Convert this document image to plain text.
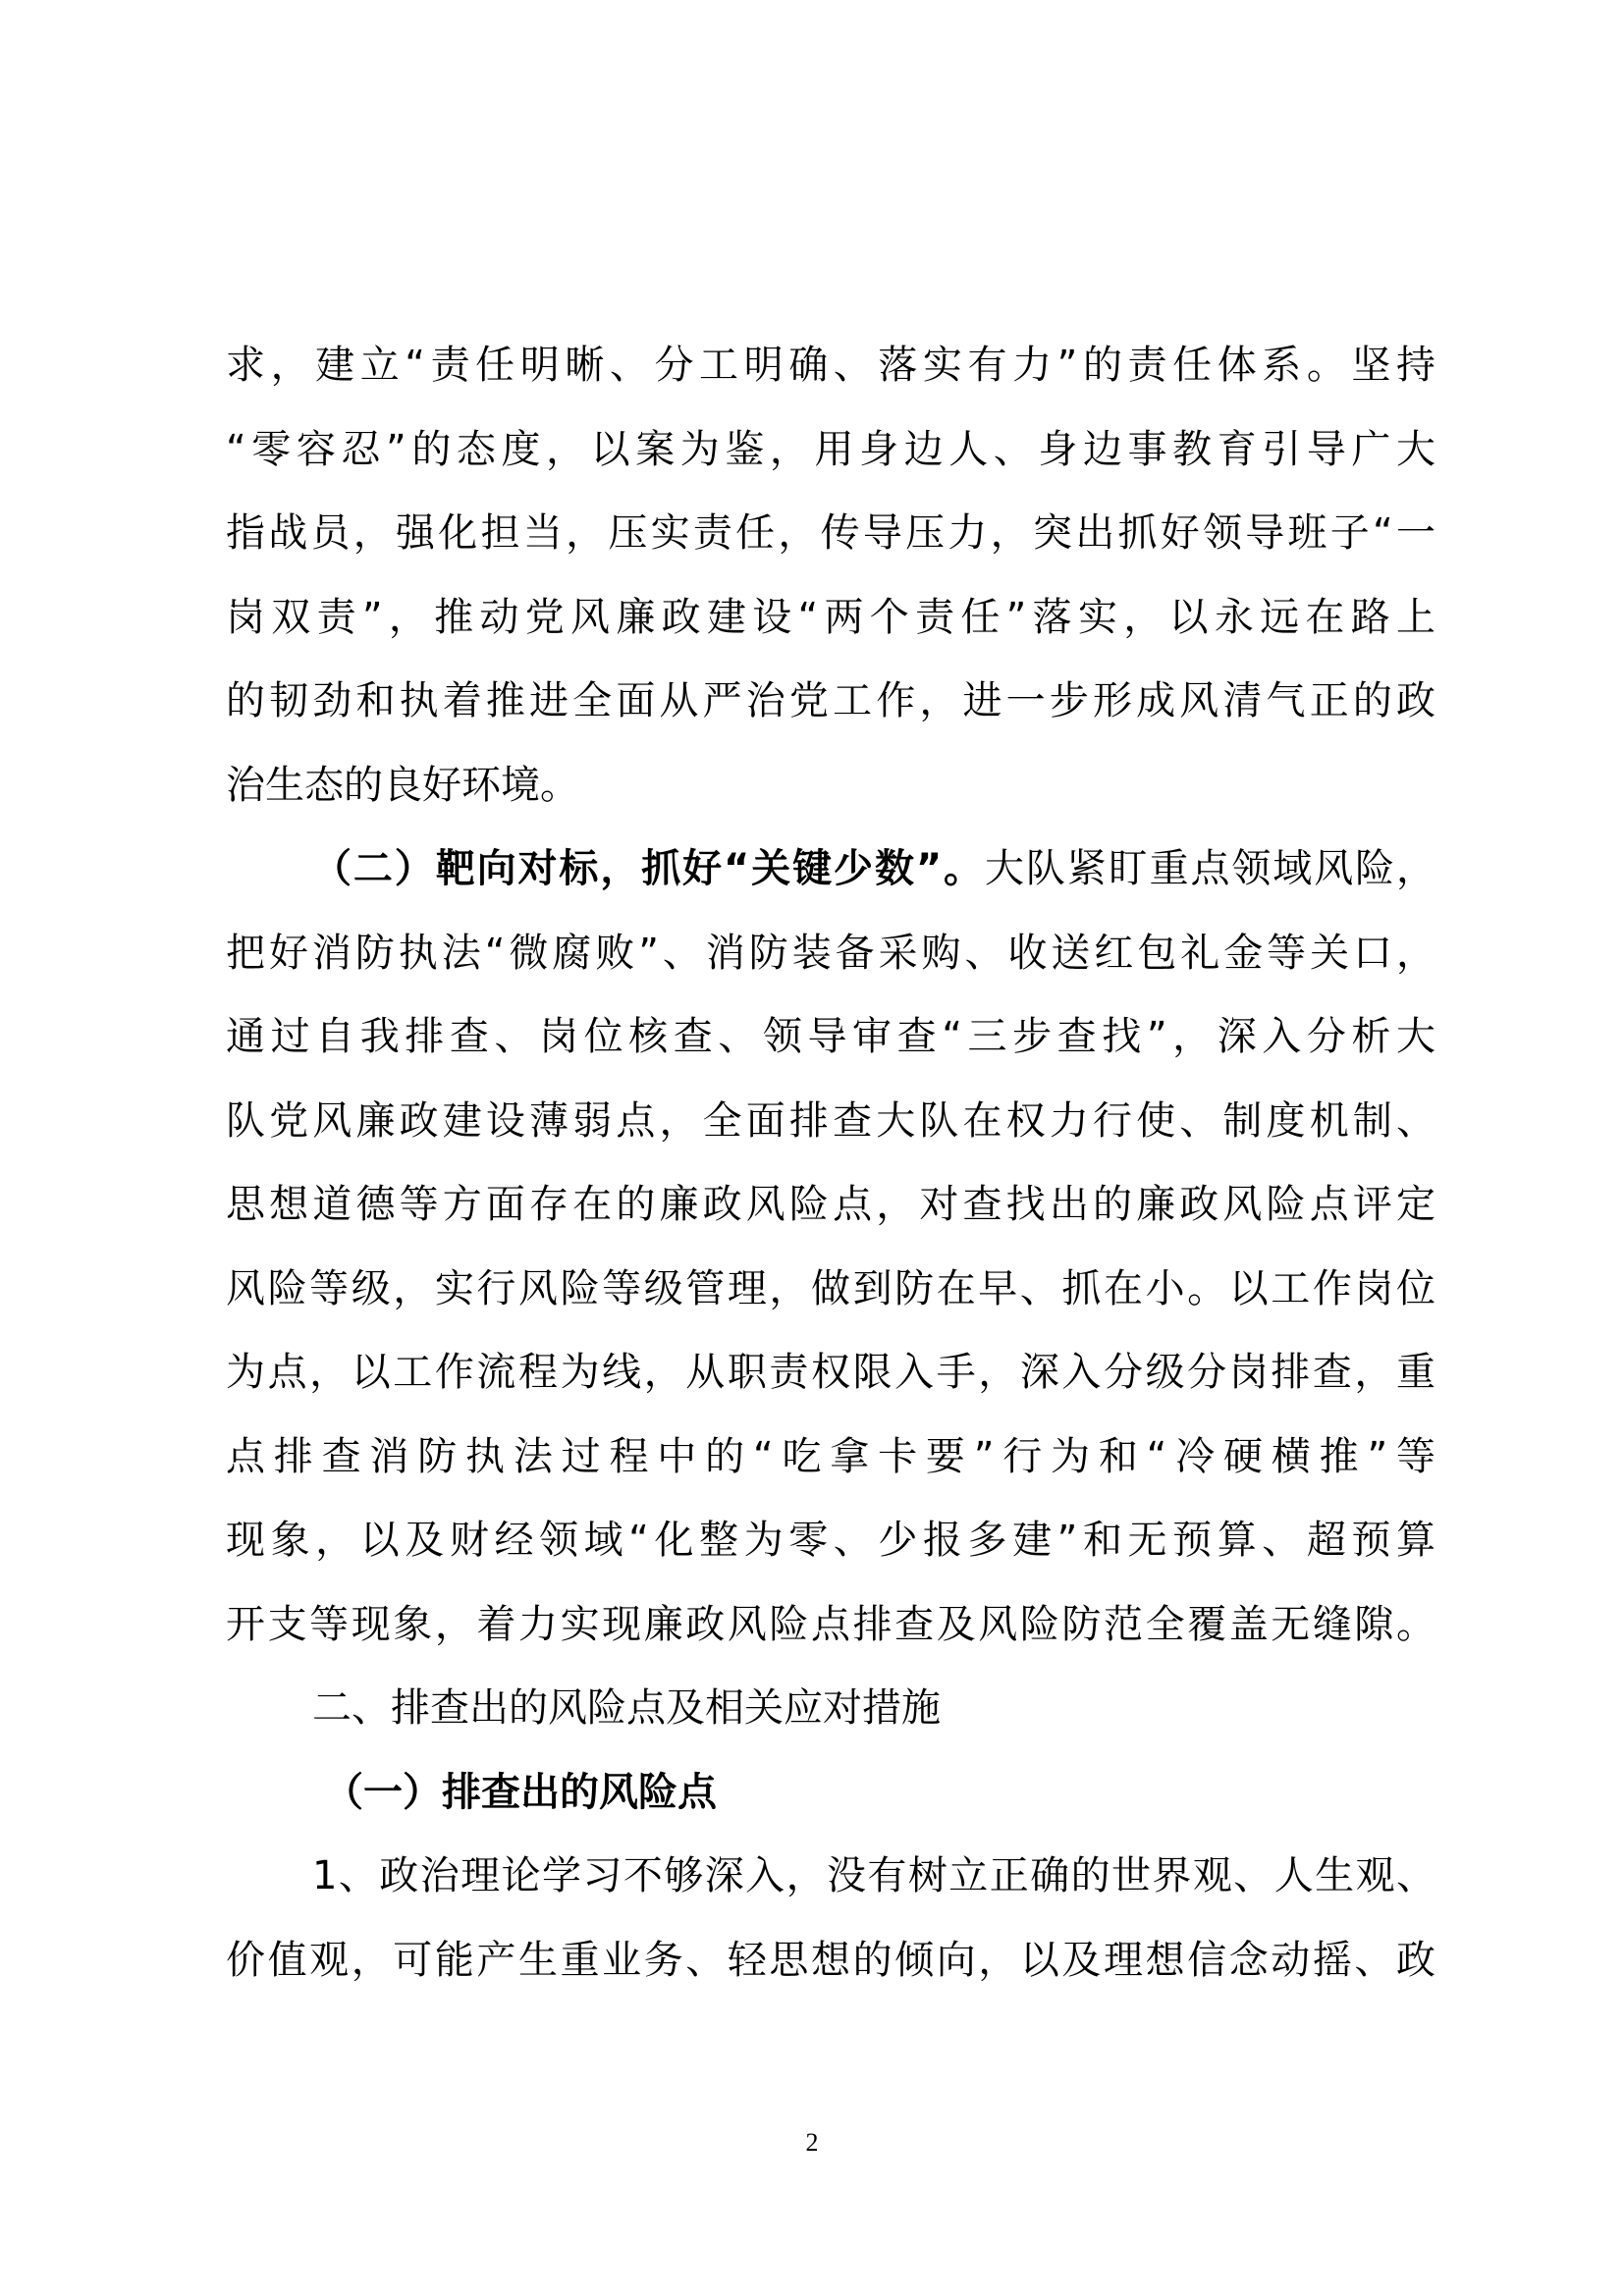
求，建立“责任明晰、分工明确、落实有力”的责任体系。坚持
“零容忍”的态度，以案为鉴，用身边人、身边事教育引导广大
指战员，强化担当，压实责任，传导压力，突出抓好领导班子“一
岗双责”，推动党风廉政建设“两个责任”落实，以永远在路上
的韧劲和执着推进全面从严治党工作，进一步形成风清气正的政
治生态的良好环境。
（二）靶向对标，抓好“关键少数”。大队紧盯重点领域风险，
把好消防执法“微腐败”、消防装备采购、收送红包礼金等关口，
通过自我排查、岗位核查、领导审查“三步查找”，深入分析大
队党风廉政建设薄弱点，全面排查大队在权力行使、制度机制、
思想道德等方面存在的廉政风险点，对查找出的廉政风险点评定
风险等级，实行风险等级管理，做到防在早、抓在小。以工作岗位
为点，以工作流程为线，从职责权限入手，深入分级分岗排查，重
点排查消防执法过程中的“吃拿卡要”行为和“冷硬横推”等
现象，以及财经领域“化整为零、少报多建”和无预算、超预算
开支等现象，着力实现廉政风险点排查及风险防范全覆盖无缝隙。
二、排查出的风险点及相关应对措施
（一）排查出的风险点
1、政治理论学习不够深入，没有树立正确的世界观、人生观、
价值观，可能产生重业务、轻思想的倾向，以及理想信念动摇、政
2
